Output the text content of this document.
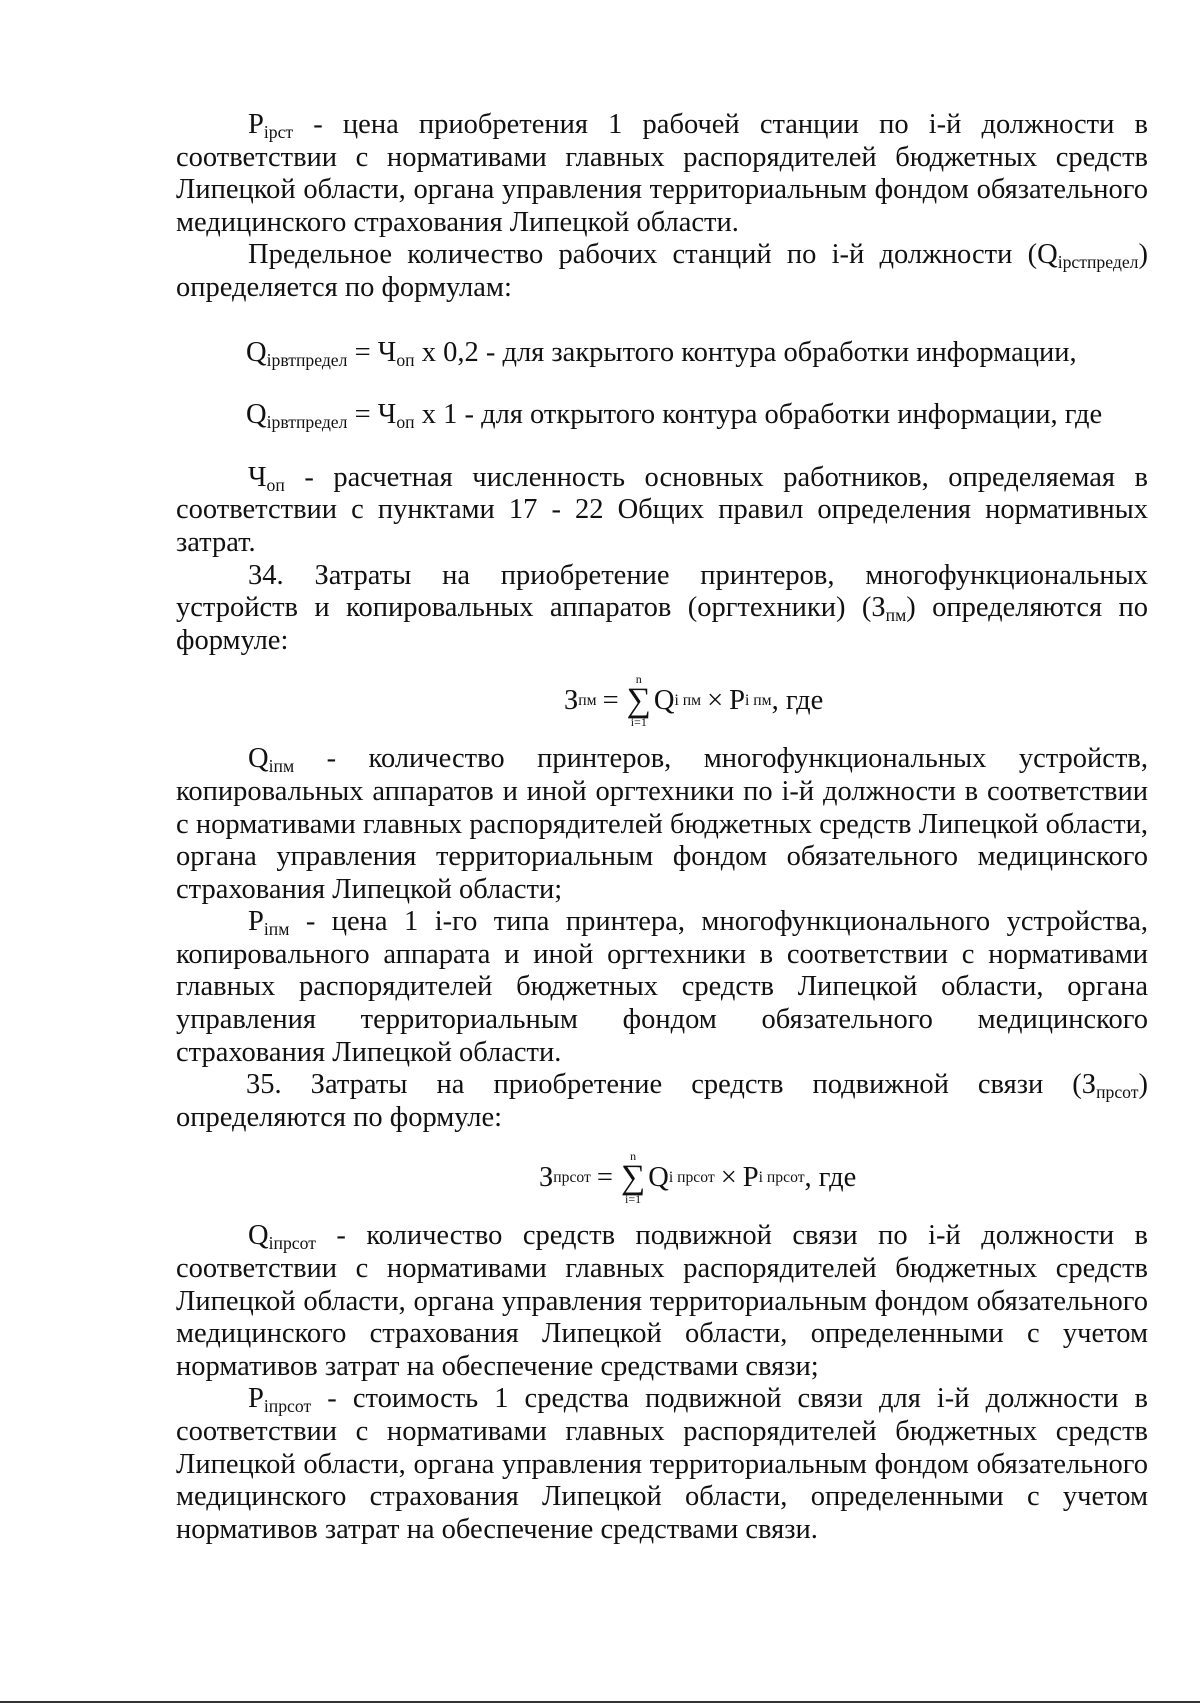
$P_{ipст}$ - цена приобретения 1 рабочей станции по i-й должности в соответствии с нормативами главных распорядителей бюджетных средств Липецкой области, органа управления территориальным фондом обязательного медицинского страхования Липецкой области.

Предельное количество рабочих станций по i-й должности $(Q_{ipстпредел})$ определяется по формулам:

$Q_{ipвтпредел} = Ч_{оп}$ x 0,2 - для закрытого контура обработки информации,

$Q_{ipвтпредел} = Ч_{оп}$ x 1 - для открытого контура обработки информации, где

$Ч_{оп}$ - расчетная численность основных работников, определяемая в соответствии с пунктами 17 - 22 Общих правил определения нормативных затрат.

34. Затраты на приобретение принтеров, многофункциональных устройств и копировальных аппаратов (оргтехники) $(З_{пм})$ определяются по формуле:

З пм =
n
∑
i=1
Q i пм × P i пм , где

$Q_{iпм}$ - количество принтеров, многофункциональных устройств, копировальных аппаратов и иной оргтехники по i-й должности в соответствии с нормативами главных распорядителей бюджетных средств Липецкой области, органа управления территориальным фондом обязательного медицинского страхования Липецкой области;

$P_{iпм}$ - цена 1 i-го типа принтера, многофункционального устройства, копировального аппарата и иной оргтехники в соответствии с нормативами главных распорядителей бюджетных средств Липецкой области, органа управления территориальным фондом обязательного медицинского страхования Липецкой области.

35. Затраты на приобретение средств подвижной связи $(З_{прсот})$ определяются по формуле:

З прсот =
n
∑
i=1
Q i прсот × P i прсот , где

$Q_{iпрсот}$ - количество средств подвижной связи по i-й должности в соответствии с нормативами главных распорядителей бюджетных средств Липецкой области, органа управления территориальным фондом обязательного медицинского страхования Липецкой области, определенными с учетом нормативов затрат на обеспечение средствами связи;

$P_{iпрсот}$ - стоимость 1 средства подвижной связи для i-й должности в соответствии с нормативами главных распорядителей бюджетных средств Липецкой области, органа управления территориальным фондом обязательного медицинского страхования Липецкой области, определенными с учетом нормативов затрат на обеспечение средствами связи.
